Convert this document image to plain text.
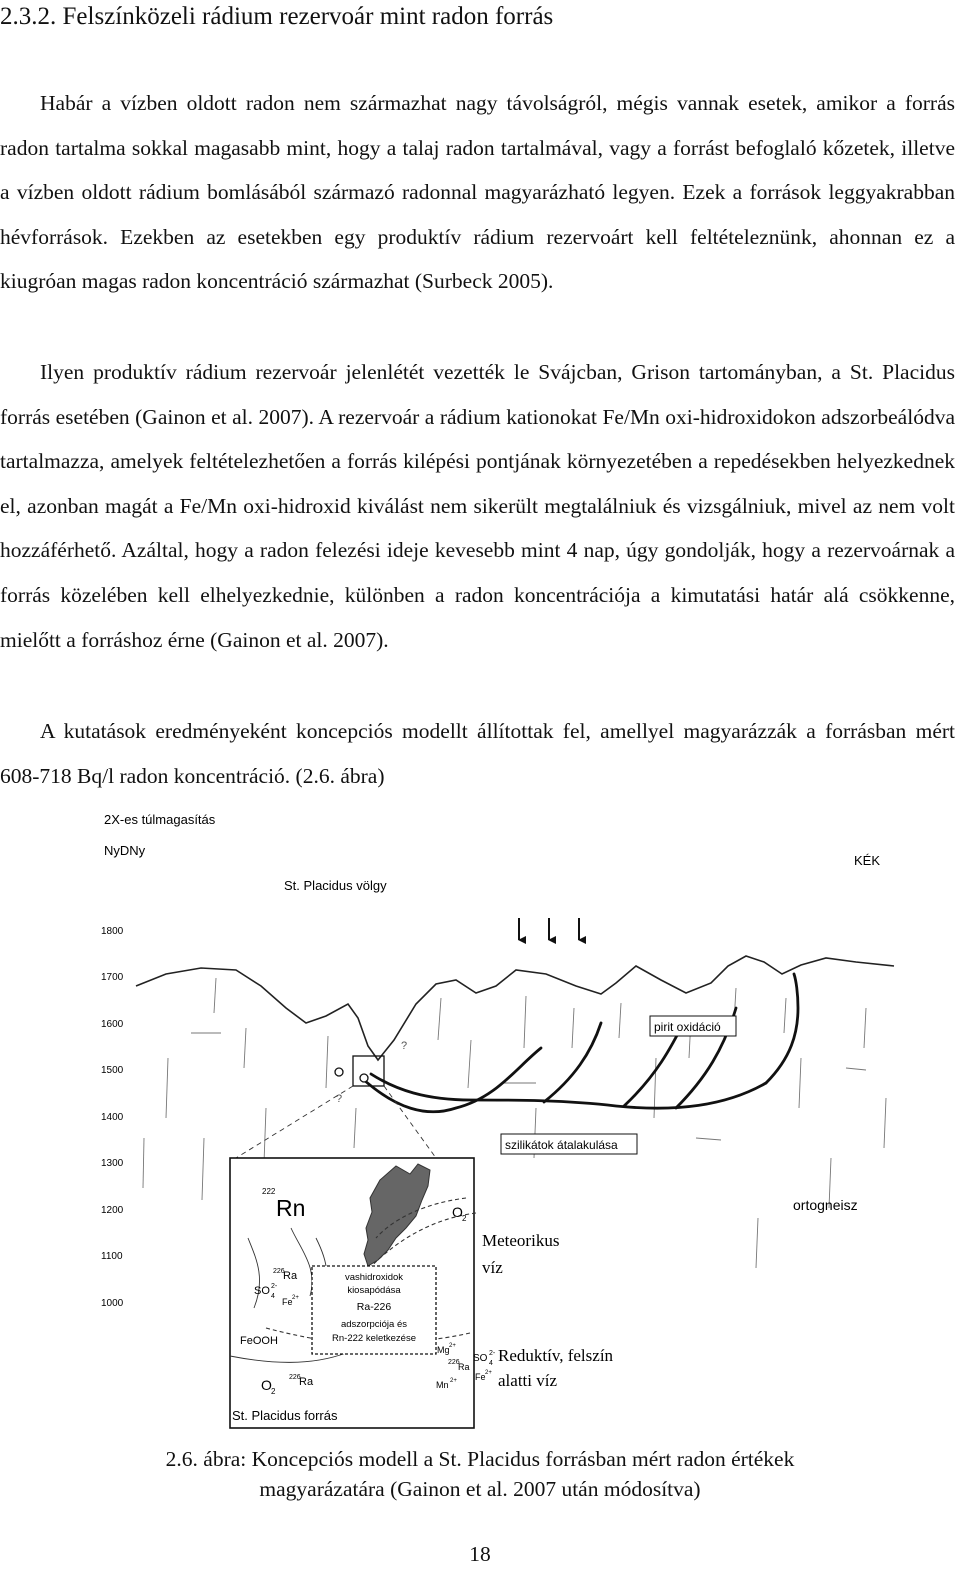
2.3.2. Felszínközeli rádium rezervoár mint radon forrás

Habár a vízben oldott radon nem származhat nagy távolságról, mégis vannak esetek, amikor a forrás radon tartalma sokkal magasabb mint, hogy a talaj radon tartalmával, vagy a forrást befoglaló kőzetek, illetve a vízben oldott rádium bomlásából származó radonnal magyarázható legyen. Ezek a források leggyakrabban hévforrások. Ezekben az esetekben egy produktív rádium rezervoárt kell feltételeznünk, ahonnan ez a kiugróan magas radon koncentráció származhat (Surbeck 2005).

Ilyen produktív rádium rezervoár jelenlétét vezették le Svájcban, Grison tartományban, a St. Placidus forrás esetében (Gainon et al. 2007). A rezervoár a rádium kationokat Fe/Mn oxi-hidroxidokon adszorbeálódva tartalmazza, amelyek feltételezhetően a forrás kilépési pontjának környezetében a repedésekben helyezkednek el, azonban magát a Fe/Mn oxi-hidroxid kiválást nem sikerült megtalálniuk és vizsgálniuk, mivel az nem volt hozzáférhető. Azáltal, hogy a radon felezési ideje kevesebb mint 4 nap, úgy gondolják, hogy a rezervoárnak a forrás közelében kell elhelyezkednie, különben a radon koncentrációja a kimutatási határ alá csökkenne, mielőtt a forráshoz érne (Gainon et al. 2007).

A kutatások eredményeként koncepciós modellt állítottak fel, amellyel magyarázzák a forrásban mért 608-718 Bq/l radon koncentráció. (2.6. ábra)

2X-es túlmagasítás
NyDNy
KÉK
St. Placidus völgy
1800
1700
1600
1500
1400
1300
1200
1100
1000
?
?
pirit oxidáció
szilikátok átalakulása
ortogneisz
222
Rn	O 2
226
Ra
SO 2-
4
Fe 2+
FeOOH
O 2
226
Ra
vashidroxidok
kiosapódása
Ra-226
adszorpciója és
Rn-222 keletkezése
Mg 2+
226
Ra
Mn 2+
Meteorikus
víz
SO 2-
4
Fe 2+
Reduktív, felszín
alatti víz
St. Placidus forrás
2.6. ábra: Koncepciós modell a St. Placidus forrásban mért radon értékek
magyarázatára (Gainon et al. 2007 után módosítva)
18
